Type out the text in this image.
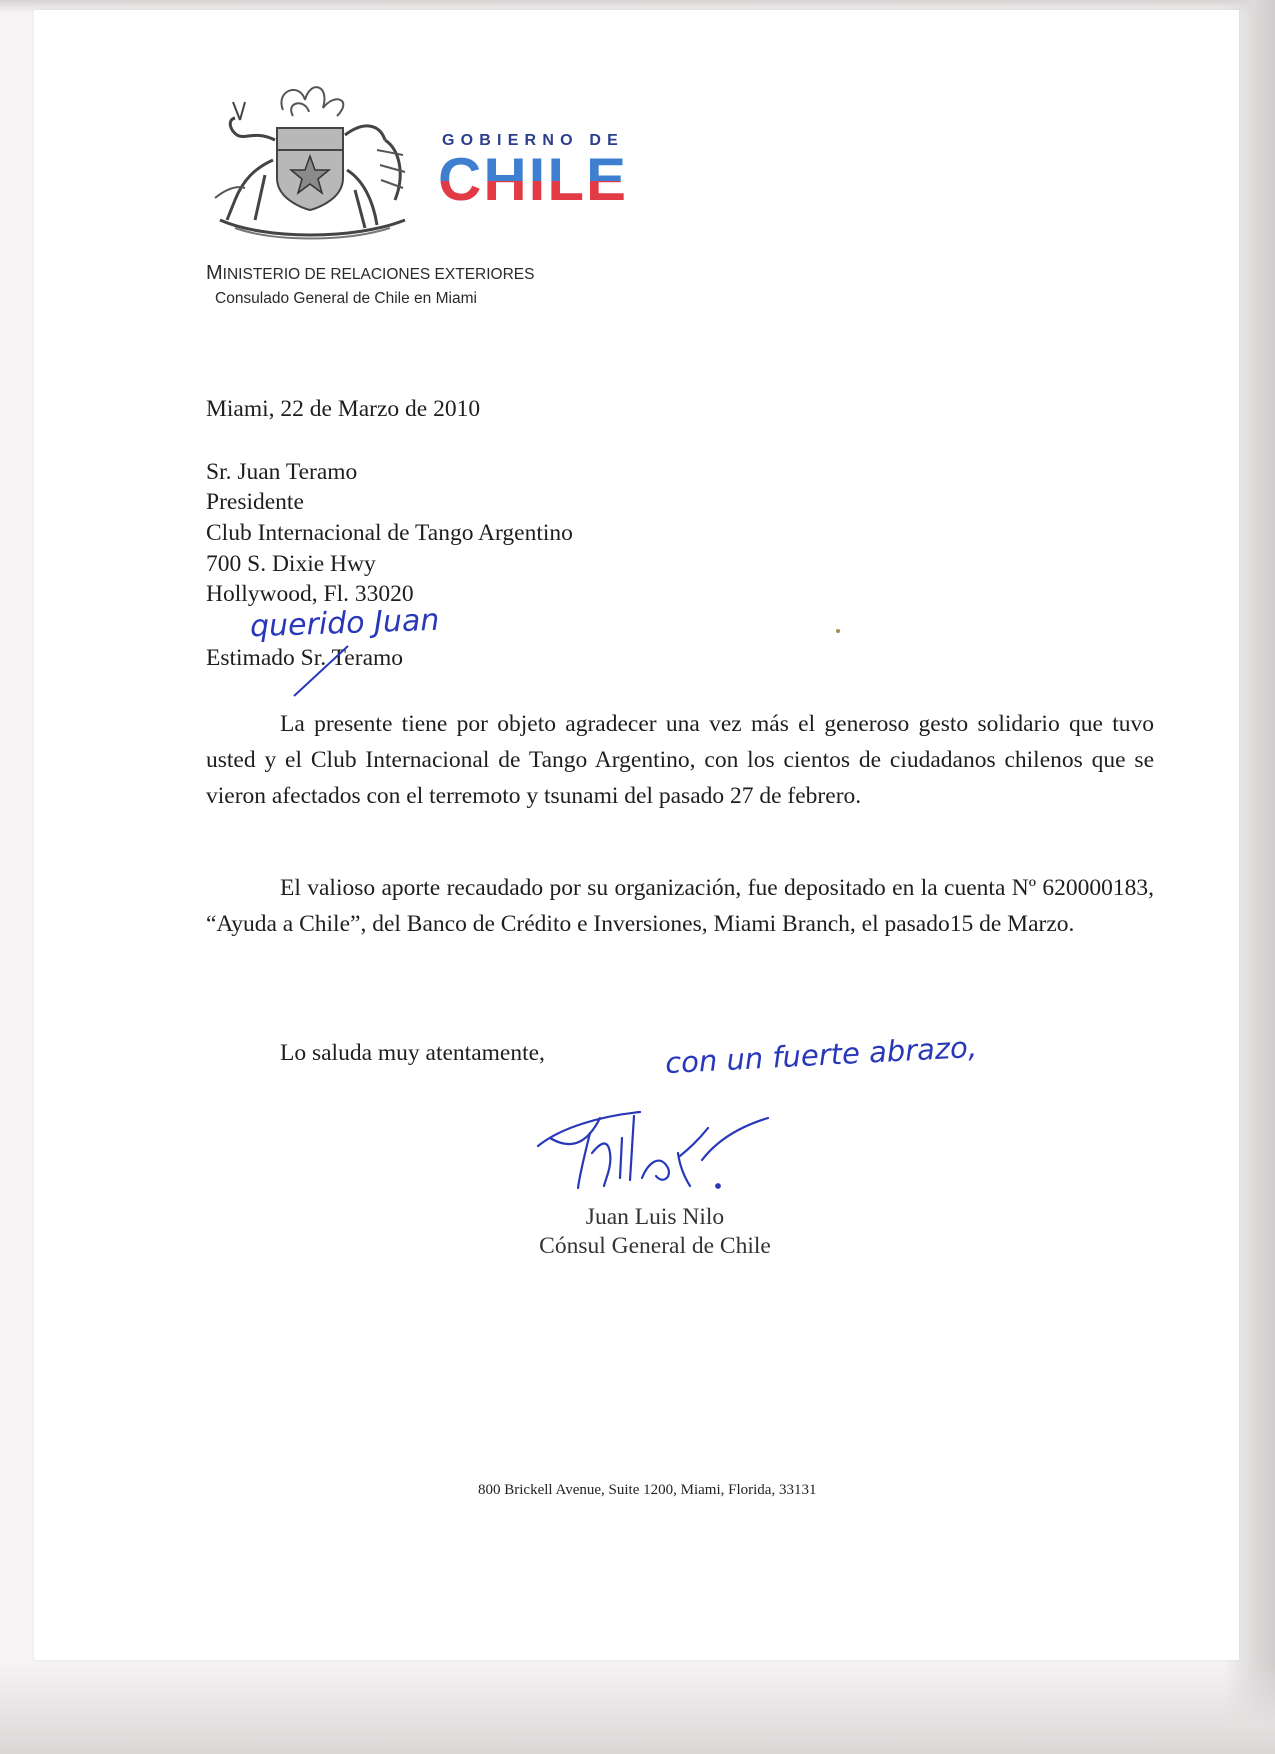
GOBIERNO DE
CHILE
MINISTERIO DE RELACIONES EXTERIORES
Consulado General de Chile en Miami
Miami, 22 de Marzo de 2010
Sr. Juan Teramo
Presidente
Club Internacional de Tango Argentino
700 S. Dixie Hwy
Hollywood, Fl. 33020
querido Juan
Estimado Sr. Teramo
La presente tiene por objeto agradecer una vez más el generoso gesto solidario que tuvo usted y el Club Internacional de Tango Argentino, con los cientos de ciudadanos chilenos que se vieron afectados con el terremoto y tsunami del pasado 27 de febrero.
El valioso aporte recaudado por su organización, fue depositado en la cuenta Nº 620000183, “Ayuda a Chile”, del Banco de Crédito e Inversiones, Miami Branch, el pasado15 de Marzo.
Lo saluda muy atentamente,	con un fuerte abrazo,
Juan Luis Nilo
Cónsul General de Chile
800 Brickell Avenue, Suite 1200, Miami, Florida, 33131
